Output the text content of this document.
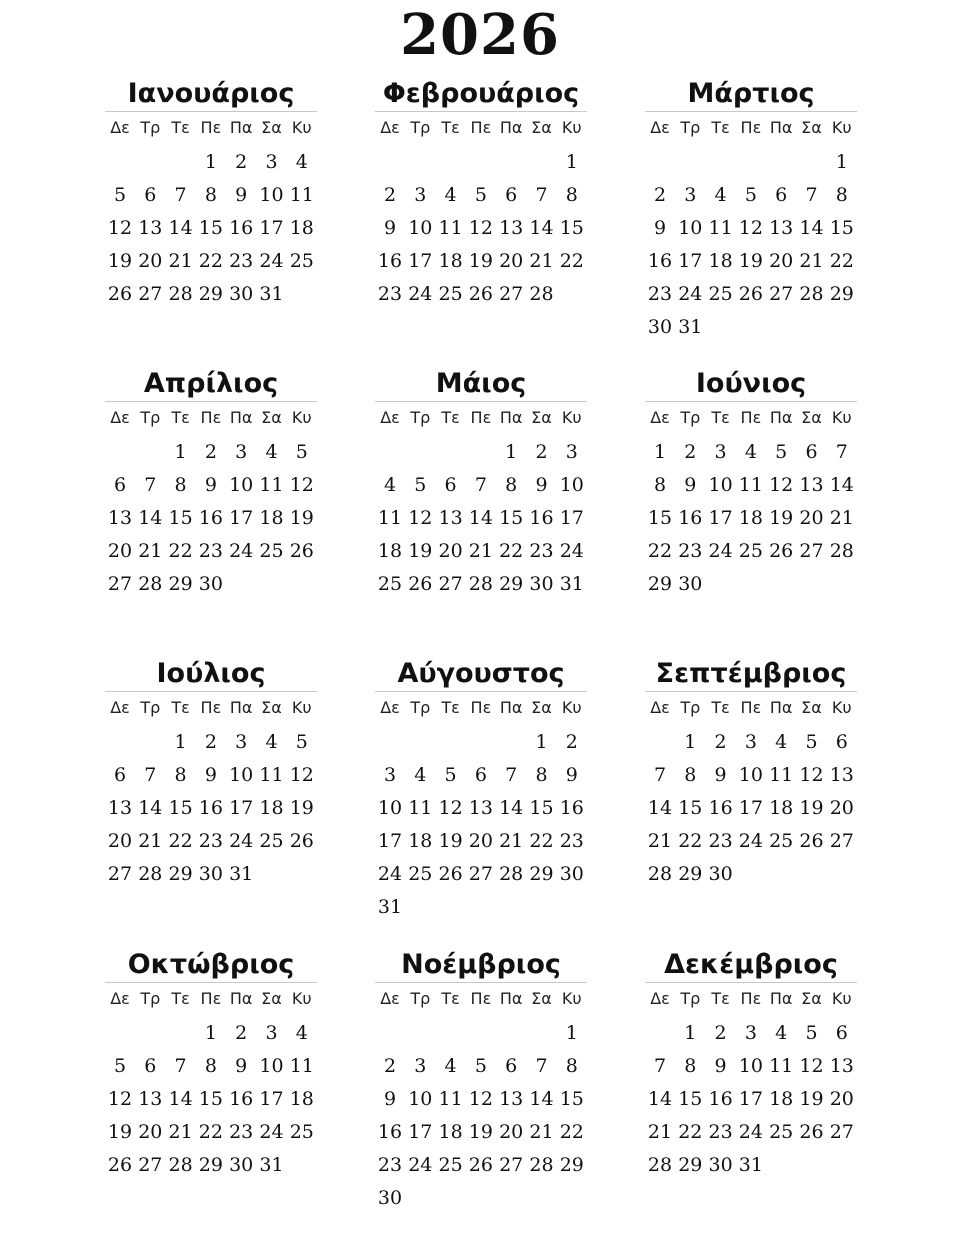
2026
Ιανουάριος
Δε Τρ Τε Πε Πα Σα Κυ
1 2 3 4
5 6 7 8 9 10 11
12 13 14 15 16 17 18
19 20 21 22 23 24 25
26 27 28 29 30 31
Φεβρουάριος
Δε Τρ Τε Πε Πα Σα Κυ
1
2 3 4 5 6 7 8
9 10 11 12 13 14 15
16 17 18 19 20 21 22
23 24 25 26 27 28
Μάρτιος
Δε Τρ Τε Πε Πα Σα Κυ
1
2 3 4 5 6 7 8
9 10 11 12 13 14 15
16 17 18 19 20 21 22
23 24 25 26 27 28 29
30 31
Απρίλιος
Δε Τρ Τε Πε Πα Σα Κυ
1 2 3 4 5
6 7 8 9 10 11 12
13 14 15 16 17 18 19
20 21 22 23 24 25 26
27 28 29 30
Μάιος
Δε Τρ Τε Πε Πα Σα Κυ
1 2 3
4 5 6 7 8 9 10
11 12 13 14 15 16 17
18 19 20 21 22 23 24
25 26 27 28 29 30 31
Ιούνιος
Δε Τρ Τε Πε Πα Σα Κυ
1 2 3 4 5 6 7
8 9 10 11 12 13 14
15 16 17 18 19 20 21
22 23 24 25 26 27 28
29 30
Ιούλιος
Δε Τρ Τε Πε Πα Σα Κυ
1 2 3 4 5
6 7 8 9 10 11 12
13 14 15 16 17 18 19
20 21 22 23 24 25 26
27 28 29 30 31
Αύγουστος
Δε Τρ Τε Πε Πα Σα Κυ
1 2
3 4 5 6 7 8 9
10 11 12 13 14 15 16
17 18 19 20 21 22 23
24 25 26 27 28 29 30
31
Σεπτέμβριος
Δε Τρ Τε Πε Πα Σα Κυ
1 2 3 4 5 6
7 8 9 10 11 12 13
14 15 16 17 18 19 20
21 22 23 24 25 26 27
28 29 30
Οκτώβριος
Δε Τρ Τε Πε Πα Σα Κυ
1 2 3 4
5 6 7 8 9 10 11
12 13 14 15 16 17 18
19 20 21 22 23 24 25
26 27 28 29 30 31
Νοέμβριος
Δε Τρ Τε Πε Πα Σα Κυ
1
2 3 4 5 6 7 8
9 10 11 12 13 14 15
16 17 18 19 20 21 22
23 24 25 26 27 28 29
30
Δεκέμβριος
Δε Τρ Τε Πε Πα Σα Κυ
1 2 3 4 5 6
7 8 9 10 11 12 13
14 15 16 17 18 19 20
21 22 23 24 25 26 27
28 29 30 31
